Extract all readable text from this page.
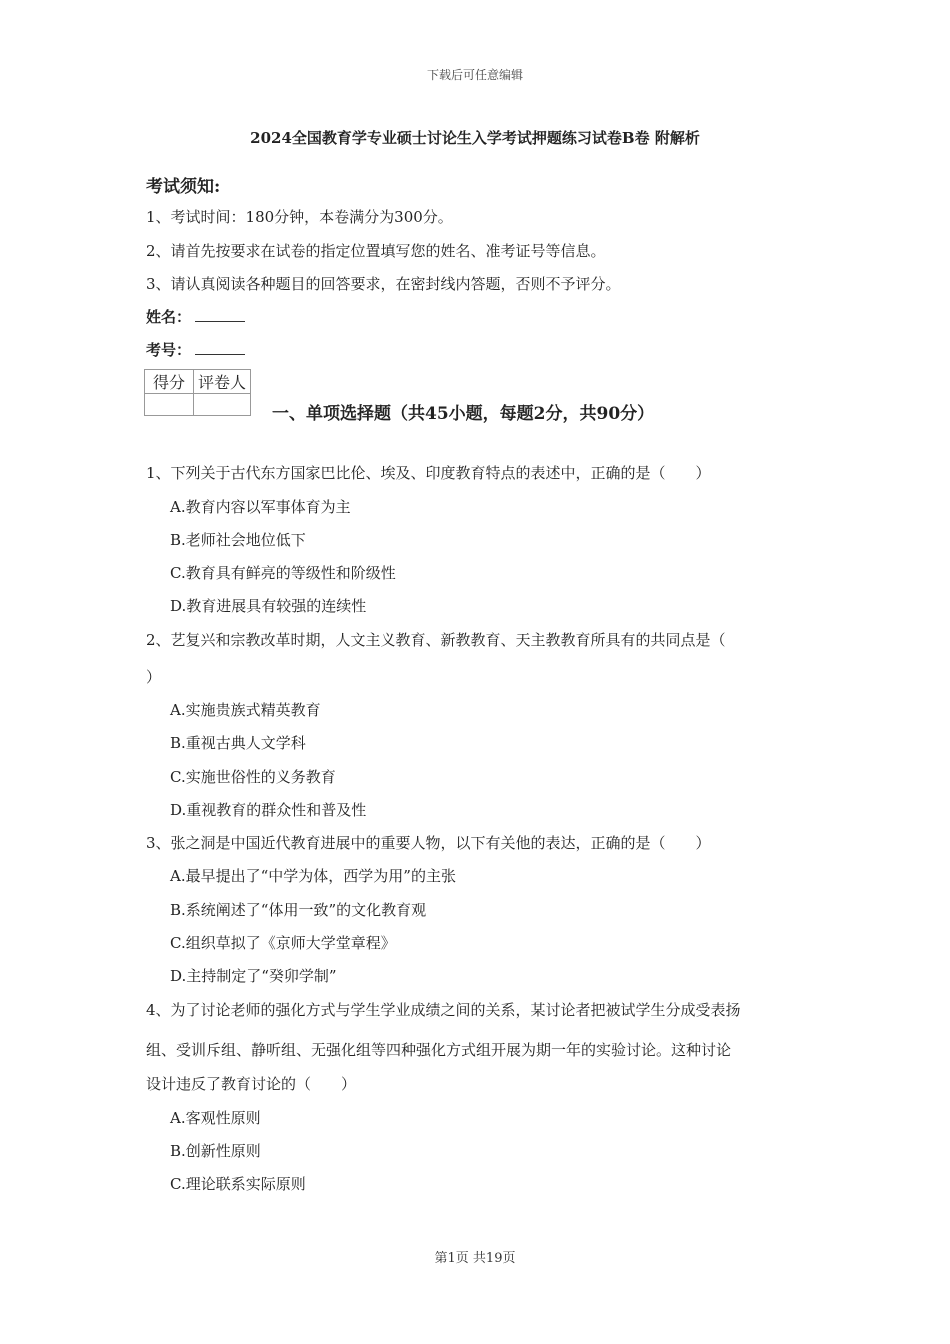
下载后可任意编辑
2024全国教育学专业硕士讨论生入学考试押题练习试卷B卷 附解析
考试须知:
1、考试时间：180分钟，本卷满分为300分。
2、请首先按要求在试卷的指定位置填写您的姓名、准考证号等信息。
3、请认真阅读各种题目的回答要求，在密封线内答题，否则不予评分。
姓名：
考号：
得分	评卷人

一、单项选择题（共45小题，每题2分，共90分）
1、下列关于古代东方国家巴比伦、埃及、印度教育特点的表述中，正确的是（　　）
A.教育内容以军事体育为主
B.老师社会地位低下
C.教育具有鲜亮的等级性和阶级性
D.教育进展具有较强的连续性
2、艺复兴和宗教改革时期，人文主义教育、新教教育、天主教教育所具有的共同点是（
）
A.实施贵族式精英教育
B.重视古典人文学科
C.实施世俗性的义务教育
D.重视教育的群众性和普及性
3、张之洞是中国近代教育进展中的重要人物，以下有关他的表达，正确的是（　　）
A.最早提出了“中学为体，西学为用”的主张
B.系统阐述了“体用一致”的文化教育观
C.组织草拟了《京师大学堂章程》
D.主持制定了“癸卯学制”
4、为了讨论老师的强化方式与学生学业成绩之间的关系，某讨论者把被试学生分成受表扬
组、受训斥组、静听组、无强化组等四种强化方式组开展为期一年的实验讨论。这种讨论
设计违反了教育讨论的（　　）
A.客观性原则
B.创新性原则
C.理论联系实际原则
第1页 共19页
